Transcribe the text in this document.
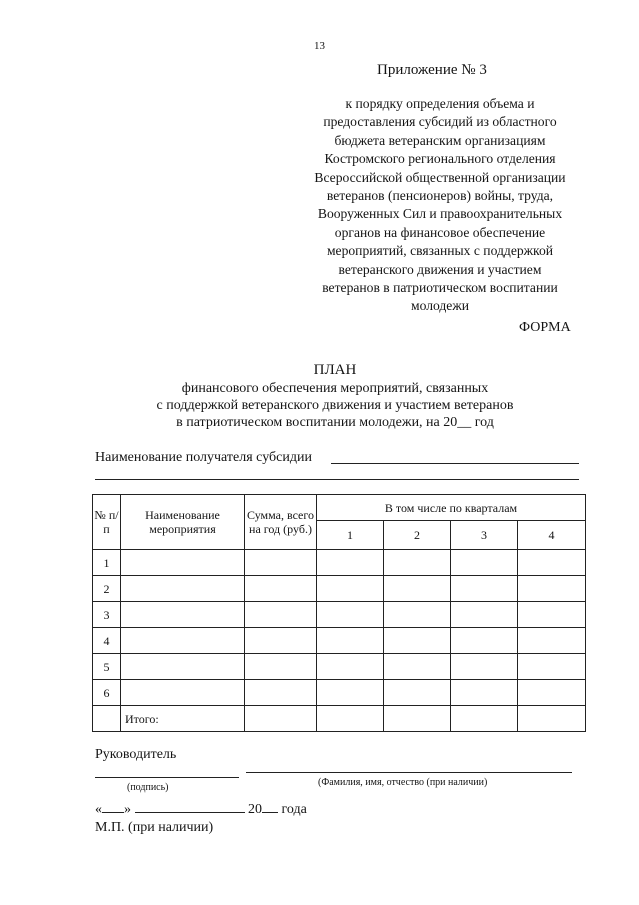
13
Приложение № 3
к порядку определения объема и
предоставления субсидий из областного
бюджета ветеранским организациям
Костромского регионального отделения
Всероссийской общественной организации
ветеранов (пенсионеров) войны, труда,
Вооруженных Сил и правоохранительных
органов на финансовое обеспечение
мероприятий, связанных с поддержкой
ветеранского движения и участием
ветеранов в патриотическом воспитании
молодежи
ФОРМА
ПЛАН
финансового обеспечения мероприятий, связанных
с поддержкой ветеранского движения и участием ветеранов
в патриотическом воспитании молодежи, на 20__ год
Наименование получателя субсидии
№ п/п	Наименование мероприятия	Сумма, всего на год (руб.)	В том числе по кварталам			
			1	2	3	4
1						
2						
3						
4						
5						
6						
	Итого:					
Руководитель
(подпись)	(Фамилия, имя, отчество (при наличии)
« »	20 года
М.П. (при наличии)
